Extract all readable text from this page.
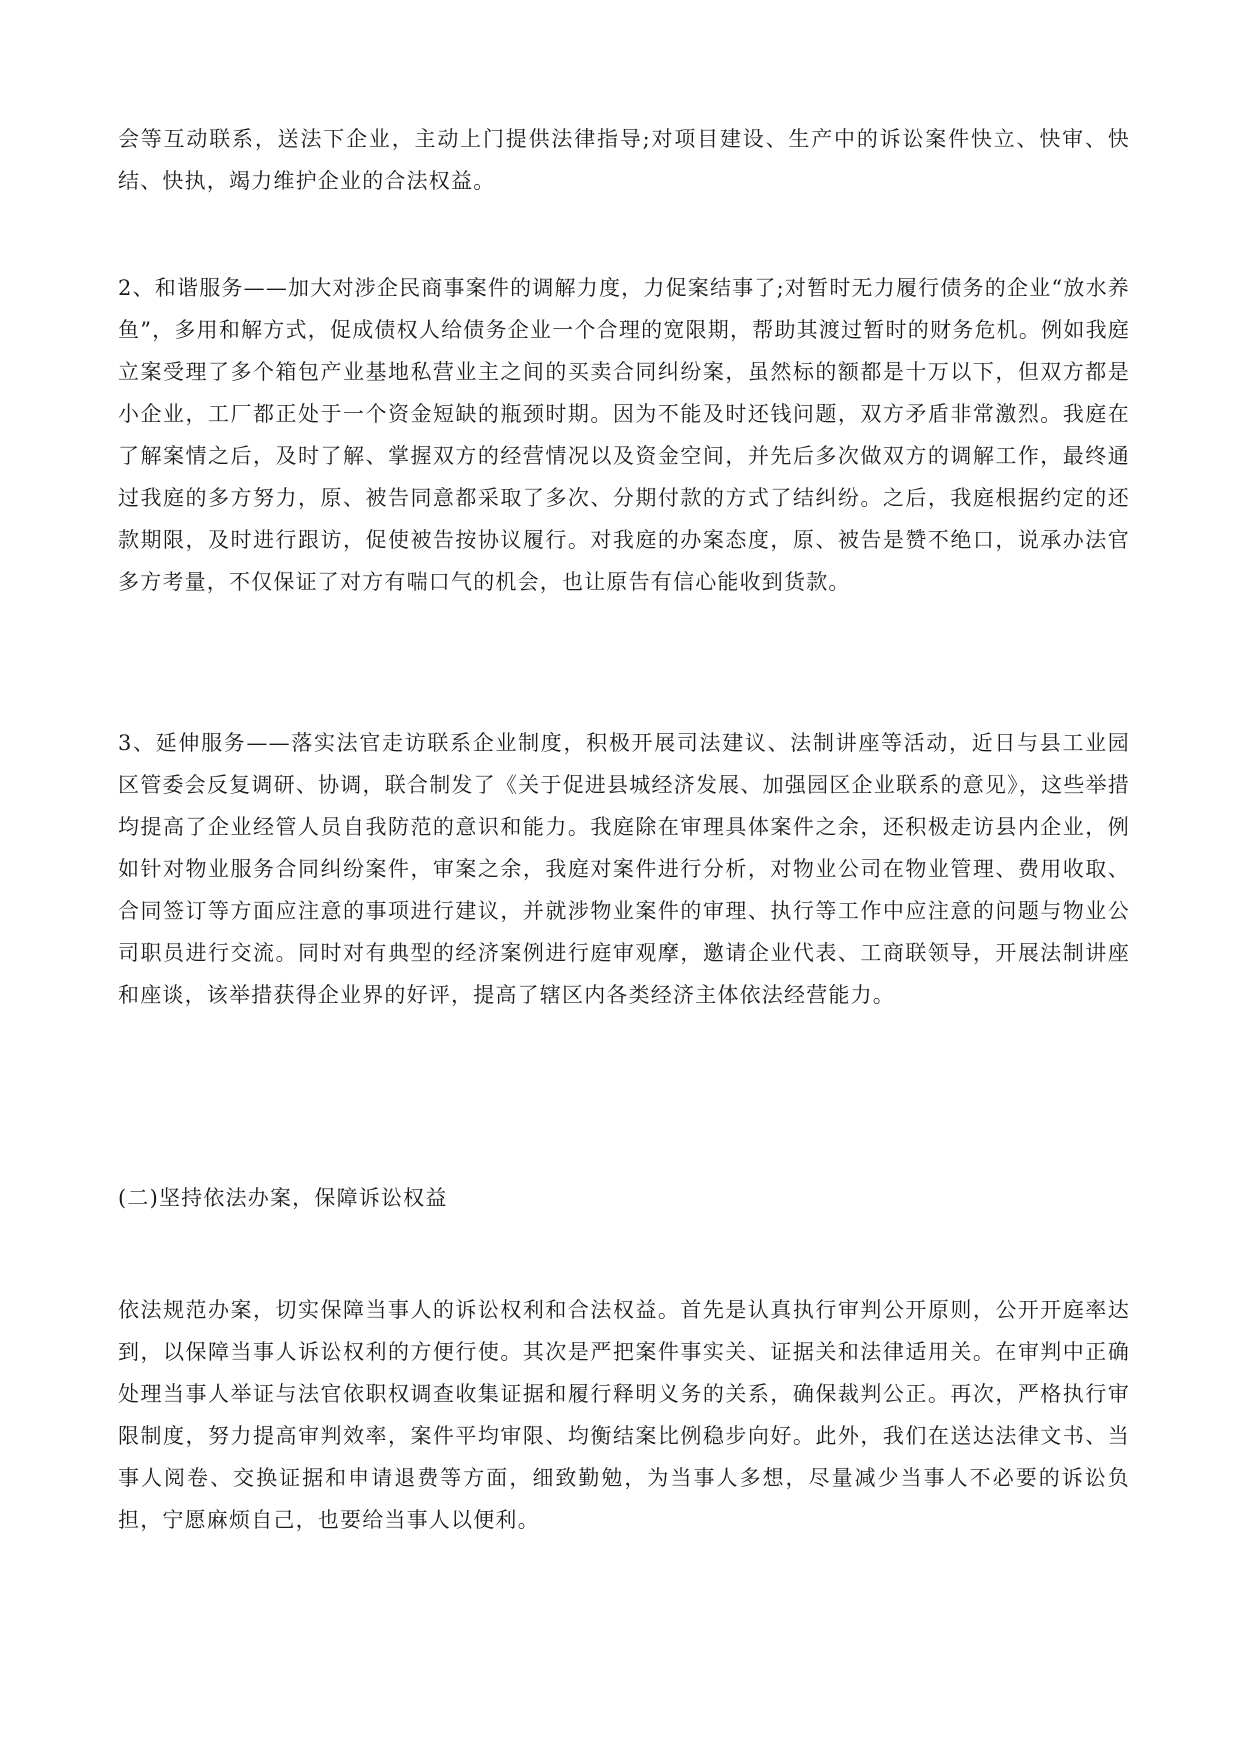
会等互动联系，送法下企业，主动上门提供法律指导;对项目建设、生产中的诉讼案件快立、快审、快结、快执，竭力维护企业的合法权益。

2、和谐服务——加大对涉企民商事案件的调解力度，力促案结事了;对暂时无力履行债务的企业“放水养鱼”，多用和解方式，促成债权人给债务企业一个合理的宽限期，帮助其渡过暂时的财务危机。例如我庭立案受理了多个箱包产业基地私营业主之间的买卖合同纠纷案，虽然标的额都是十万以下，但双方都是小企业，工厂都正处于一个资金短缺的瓶颈时期。因为不能及时还钱问题，双方矛盾非常激烈。我庭在了解案情之后，及时了解、掌握双方的经营情况以及资金空间，并先后多次做双方的调解工作，最终通过我庭的多方努力，原、被告同意都采取了多次、分期付款的方式了结纠纷。之后，我庭根据约定的还款期限，及时进行跟访，促使被告按协议履行。对我庭的办案态度，原、被告是赞不绝口，说承办法官多方考量，不仅保证了对方有喘口气的机会，也让原告有信心能收到货款。

3、延伸服务——落实法官走访联系企业制度，积极开展司法建议、法制讲座等活动，近日与县工业园区管委会反复调研、协调，联合制发了《关于促进县城经济发展、加强园区企业联系的意见》，这些举措均提高了企业经管人员自我防范的意识和能力。我庭除在审理具体案件之余，还积极走访县内企业，例如针对物业服务合同纠纷案件，审案之余，我庭对案件进行分析，对物业公司在物业管理、费用收取、合同签订等方面应注意的事项进行建议，并就涉物业案件的审理、执行等工作中应注意的问题与物业公司职员进行交流。同时对有典型的经济案例进行庭审观摩，邀请企业代表、工商联领导，开展法制讲座和座谈，该举措获得企业界的好评，提高了辖区内各类经济主体依法经营能力。

(二)坚持依法办案，保障诉讼权益

依法规范办案，切实保障当事人的诉讼权利和合法权益。首先是认真执行审判公开原则，公开开庭率达到，以保障当事人诉讼权利的方便行使。其次是严把案件事实关、证据关和法律适用关。在审判中正确处理当事人举证与法官依职权调查收集证据和履行释明义务的关系，确保裁判公正。再次，严格执行审限制度，努力提高审判效率，案件平均审限、均衡结案比例稳步向好。此外，我们在送达法律文书、当事人阅卷、交换证据和申请退费等方面，细致勤勉，为当事人多想，尽量减少当事人不必要的诉讼负担，宁愿麻烦自己，也要给当事人以便利。
